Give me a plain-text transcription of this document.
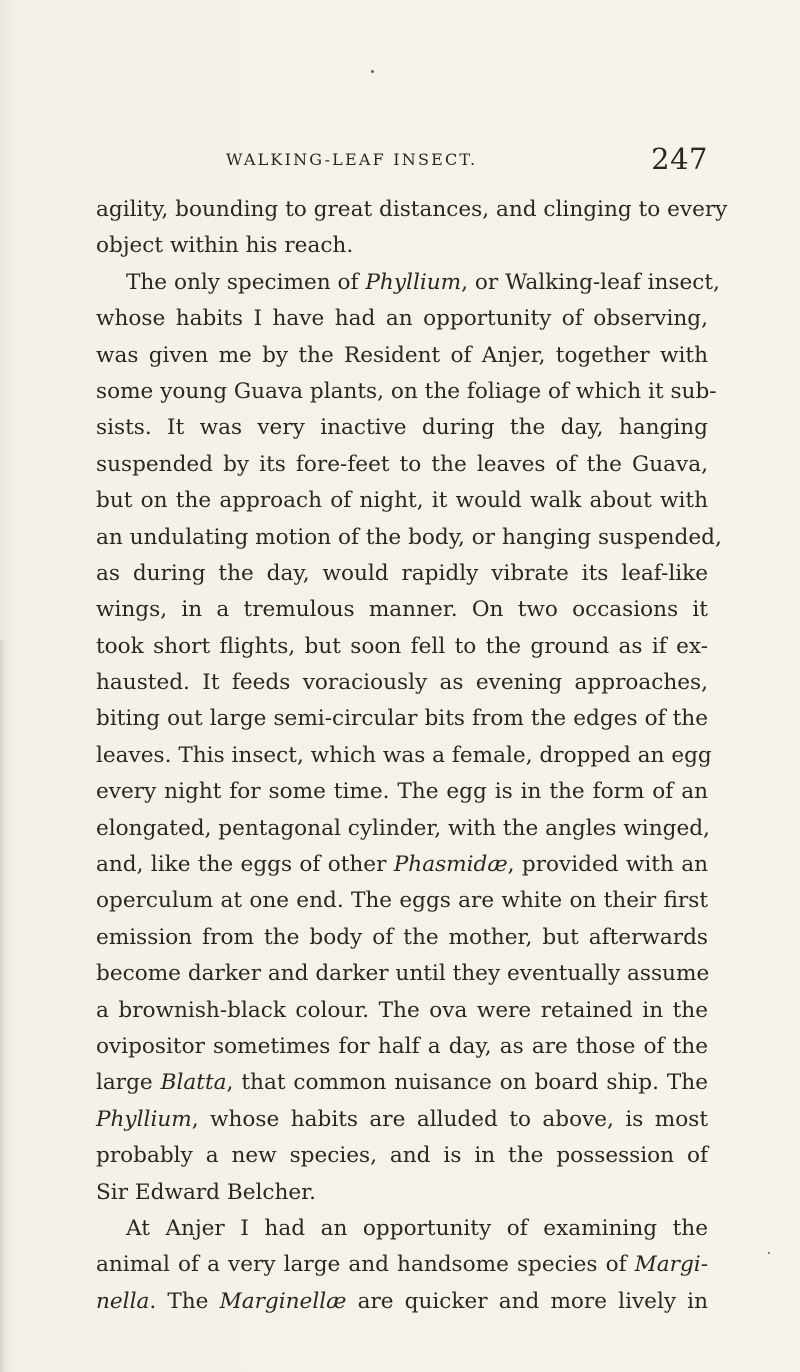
WALKING-LEAF INSECT.	247
agility, bounding to great distances, and clinging to every
object within his reach.
The only specimen of Phyllium, or Walking-leaf insect,
whose habits I have had an opportunity of observing,
was given me by the Resident of Anjer, together with
some young Guava plants, on the foliage of which it sub-
sists. It was very inactive during the day, hanging
suspended by its fore-feet to the leaves of the Guava,
but on the approach of night, it would walk about with
an undulating motion of the body, or hanging suspended,
as during the day, would rapidly vibrate its leaf-like
wings, in a tremulous manner. On two occasions it
took short flights, but soon fell to the ground as if ex-
hausted. It feeds voraciously as evening approaches,
biting out large semi-circular bits from the edges of the
leaves. This insect, which was a female, dropped an egg
every night for some time. The egg is in the form of an
elongated, pentagonal cylinder, with the angles winged,
and, like the eggs of other Phasmidæ, provided with an
operculum at one end. The eggs are white on their first
emission from the body of the mother, but afterwards
become darker and darker until they eventually assume
a brownish-black colour. The ova were retained in the
ovipositor sometimes for half a day, as are those of the
large Blatta, that common nuisance on board ship. The
Phyllium, whose habits are alluded to above, is most
probably a new species, and is in the possession of
Sir Edward Belcher.
At Anjer I had an opportunity of examining the
animal of a very large and handsome species of Margi-
nella. The Marginellæ are quicker and more lively in
